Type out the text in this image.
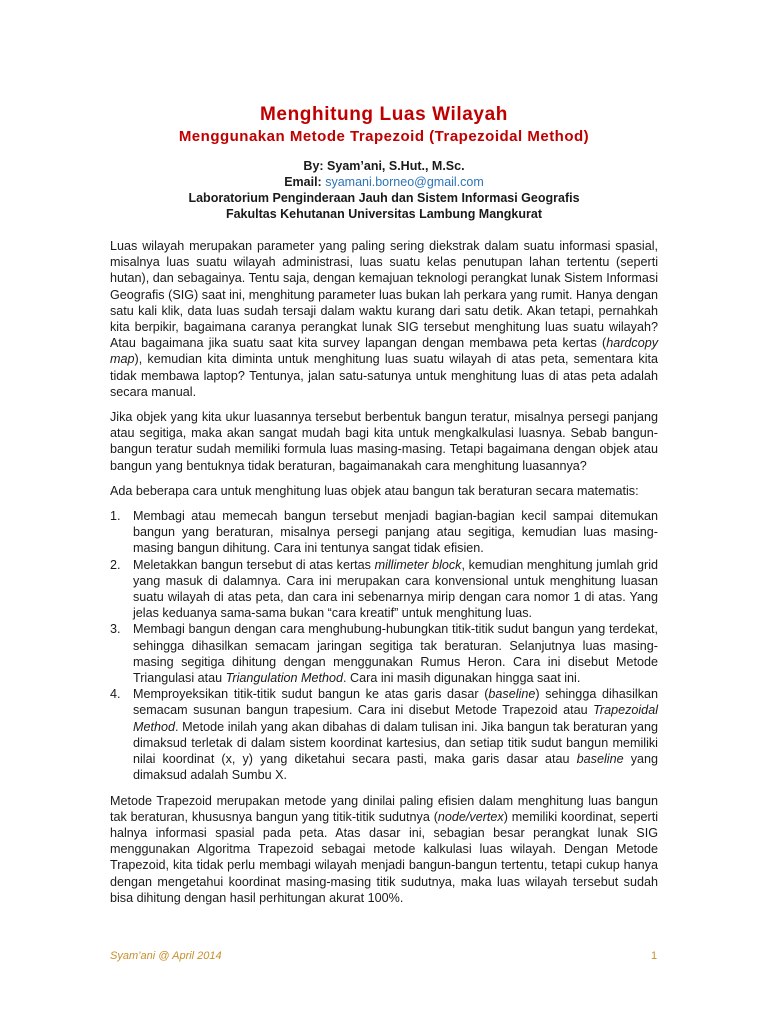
Menghitung Luas Wilayah
Menggunakan Metode Trapezoid (Trapezoidal Method)
By: Syam’ani, S.Hut., M.Sc.
Email: syamani.borneo@gmail.com
Laboratorium Penginderaan Jauh dan Sistem Informasi Geografis
Fakultas Kehutanan Universitas Lambung Mangkurat

Luas wilayah merupakan parameter yang paling sering diekstrak dalam suatu informasi spasial, misalnya luas suatu wilayah administrasi, luas suatu kelas penutupan lahan tertentu (seperti hutan), dan sebagainya. Tentu saja, dengan kemajuan teknologi perangkat lunak Sistem Informasi Geografis (SIG) saat ini, menghitung parameter luas bukan lah perkara yang rumit. Hanya dengan satu kali klik, data luas sudah tersaji dalam waktu kurang dari satu detik. Akan tetapi, pernahkah kita berpikir, bagaimana caranya perangkat lunak SIG tersebut menghitung luas suatu wilayah? Atau bagaimana jika suatu saat kita survey lapangan dengan membawa peta kertas (hardcopy map), kemudian kita diminta untuk menghitung luas suatu wilayah di atas peta, sementara kita tidak membawa laptop? Tentunya, jalan satu-satunya untuk menghitung luas di atas peta adalah secara manual.

Jika objek yang kita ukur luasannya tersebut berbentuk bangun teratur, misalnya persegi panjang atau segitiga, maka akan sangat mudah bagi kita untuk mengkalkulasi luasnya. Sebab bangun-bangun teratur sudah memiliki formula luas masing-masing. Tetapi bagaimana dengan objek atau bangun yang bentuknya tidak beraturan, bagaimanakah cara menghitung luasannya?

Ada beberapa cara untuk menghitung luas objek atau bangun tak beraturan secara matematis:

1. Membagi atau memecah bangun tersebut menjadi bagian-bagian kecil sampai ditemukan bangun yang beraturan, misalnya persegi panjang atau segitiga, kemudian luas masing-masing bangun dihitung. Cara ini tentunya sangat tidak efisien.
2. Meletakkan bangun tersebut di atas kertas millimeter block, kemudian menghitung jumlah grid yang masuk di dalamnya. Cara ini merupakan cara konvensional untuk menghitung luasan suatu wilayah di atas peta, dan cara ini sebenarnya mirip dengan cara nomor 1 di atas. Yang jelas keduanya sama-sama bukan “cara kreatif” untuk menghitung luas.
3. Membagi bangun dengan cara menghubung-hubungkan titik-titik sudut bangun yang terdekat, sehingga dihasilkan semacam jaringan segitiga tak beraturan. Selanjutnya luas masing-masing segitiga dihitung dengan menggunakan Rumus Heron. Cara ini disebut Metode Triangulasi atau Triangulation Method. Cara ini masih digunakan hingga saat ini.
4. Memproyeksikan titik-titik sudut bangun ke atas garis dasar (baseline) sehingga dihasilkan semacam susunan bangun trapesium. Cara ini disebut Metode Trapezoid atau Trapezoidal Method. Metode inilah yang akan dibahas di dalam tulisan ini. Jika bangun tak beraturan yang dimaksud terletak di dalam sistem koordinat kartesius, dan setiap titik sudut bangun memiliki nilai koordinat (x, y) yang diketahui secara pasti, maka garis dasar atau baseline yang dimaksud adalah Sumbu X.

Metode Trapezoid merupakan metode yang dinilai paling efisien dalam menghitung luas bangun tak beraturan, khususnya bangun yang titik-titik sudutnya (node/vertex) memiliki koordinat, seperti halnya informasi spasial pada peta. Atas dasar ini, sebagian besar perangkat lunak SIG menggunakan Algoritma Trapezoid sebagai metode kalkulasi luas wilayah. Dengan Metode Trapezoid, kita tidak perlu membagi wilayah menjadi bangun-bangun tertentu, tetapi cukup hanya dengan mengetahui koordinat masing-masing titik sudutnya, maka luas wilayah tersebut sudah bisa dihitung dengan hasil perhitungan akurat 100%.

Syam’ani @ April 2014	1
